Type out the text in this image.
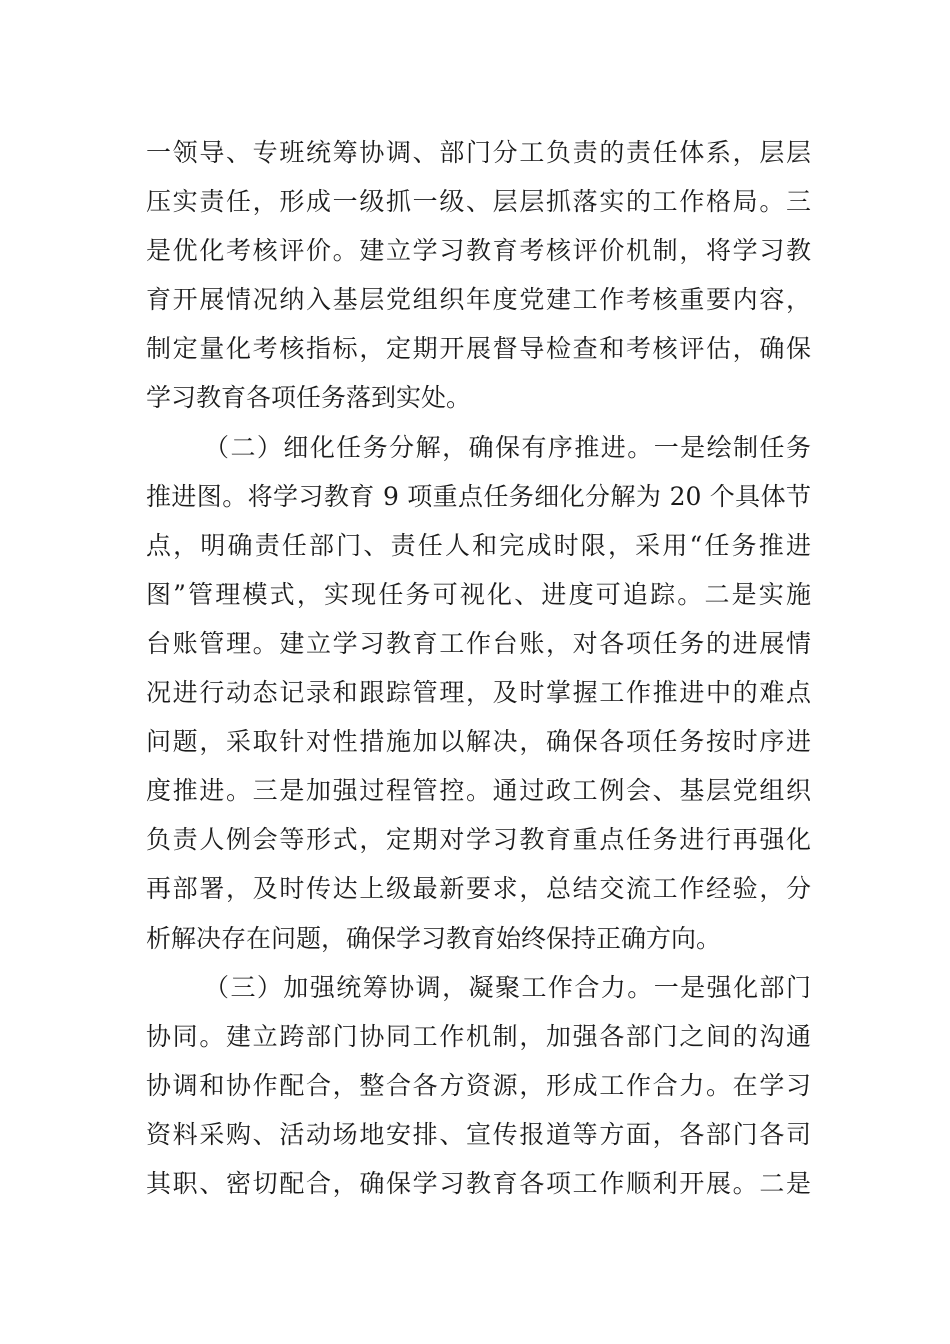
一领导、专班统筹协调、部门分工负责的责任体系，层层
压实责任，形成一级抓一级、层层抓落实的工作格局。三
是优化考核评价。建立学习教育考核评价机制，将学习教
育开展情况纳入基层党组织年度党建工作考核重要内容，
制定量化考核指标，定期开展督导检查和考核评估，确保
学习教育各项任务落到实处。
（二）细化任务分解，确保有序推进。一是绘制任务
推进图。将学习教育 9 项重点任务细化分解为 20 个具体节
点，明确责任部门、责任人和完成时限，采用“任务推进
图”管理模式，实现任务可视化、进度可追踪。二是实施
台账管理。建立学习教育工作台账，对各项任务的进展情
况进行动态记录和跟踪管理，及时掌握工作推进中的难点
问题，采取针对性措施加以解决，确保各项任务按时序进
度推进。三是加强过程管控。通过政工例会、基层党组织
负责人例会等形式，定期对学习教育重点任务进行再强化
再部署，及时传达上级最新要求，总结交流工作经验，分
析解决存在问题，确保学习教育始终保持正确方向。
（三）加强统筹协调，凝聚工作合力。一是强化部门
协同。建立跨部门协同工作机制，加强各部门之间的沟通
协调和协作配合，整合各方资源，形成工作合力。在学习
资料采购、活动场地安排、宣传报道等方面，各部门各司
其职、密切配合，确保学习教育各项工作顺利开展。二是
